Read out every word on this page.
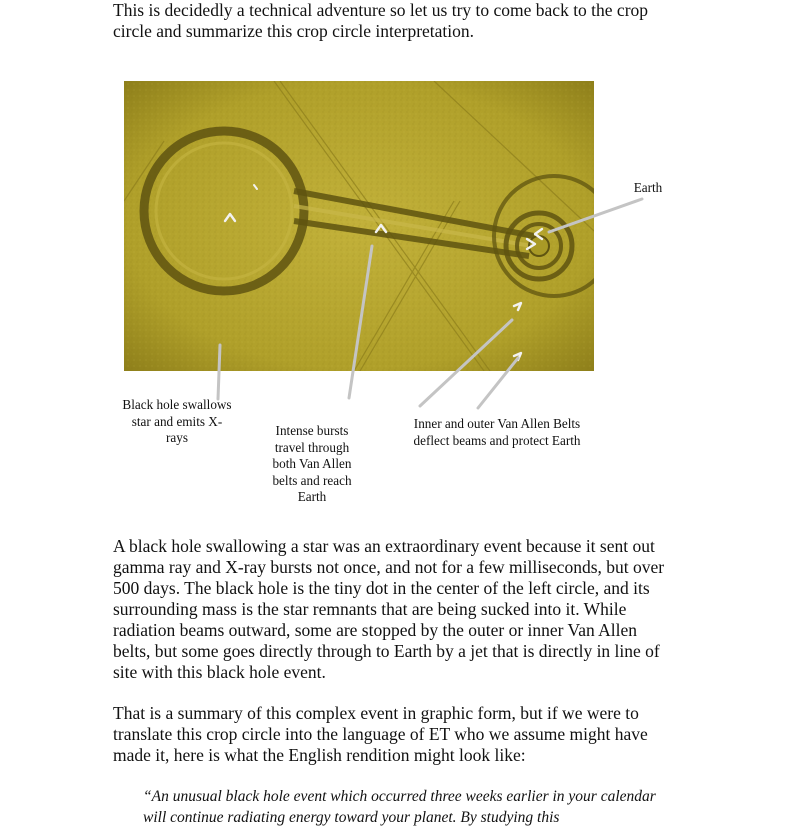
This is decidedly a technical adventure so let us try to come back to the crop circle and summarize this crop circle interpretation.

Earth
Black hole swallows star and emits X-rays	Intense bursts travel through both Van Allen belts and reach Earth
Inner and outer Van Allen Belts deflect beams and protect Earth

A black hole swallowing a star was an extraordinary event because it sent out gamma ray and X-ray bursts not once, and not for a few milliseconds, but over 500 days. The black hole is the tiny dot in the center of the left circle, and its surrounding mass is the star remnants that are being sucked into it. While radiation beams outward, some are stopped by the outer or inner Van Allen belts, but some goes directly through to Earth by a jet that is directly in line of site with this black hole event.

That is a summary of this complex event in graphic form, but if we were to translate this crop circle into the language of ET who we assume might have made it, here is what the English rendition might look like:

“An unusual black hole event which occurred three weeks earlier in your calendar will continue radiating energy toward your planet. By studying this
